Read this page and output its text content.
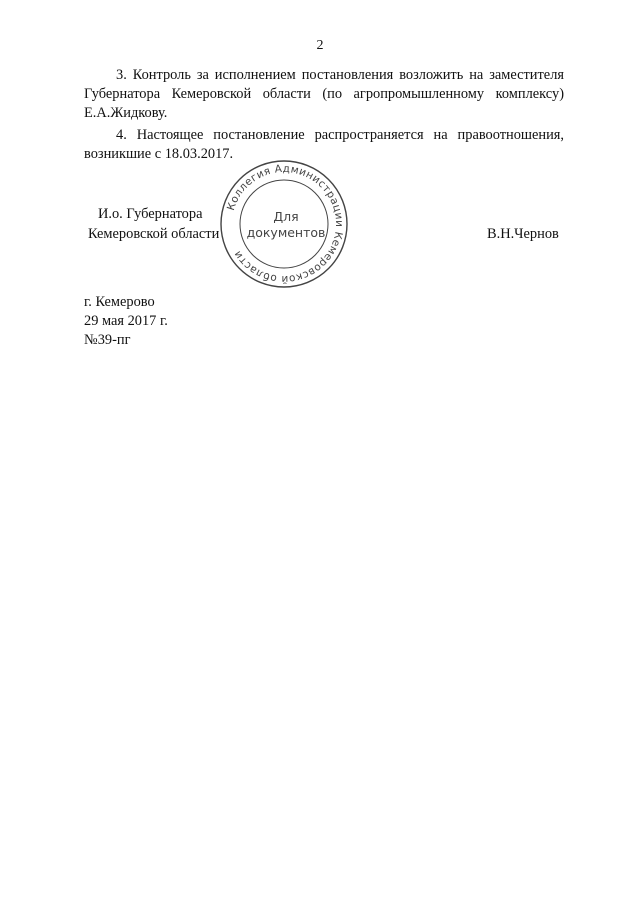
2

3. Контроль за исполнением постановления возложить на заместителя Губернатора Кемеровской области (по агропромышленному комплексу) Е.А.Жидкову.

4. Настоящее постановление распространяется на правоотношения, возникшие с 18.03.2017.

И.о. Губернатора
Кемеровской области	В.Н.Чернов
Коллегия Администрации Кемеровской области
Для
документов
г. Кемерово
29 мая 2017 г.
№39-пг
